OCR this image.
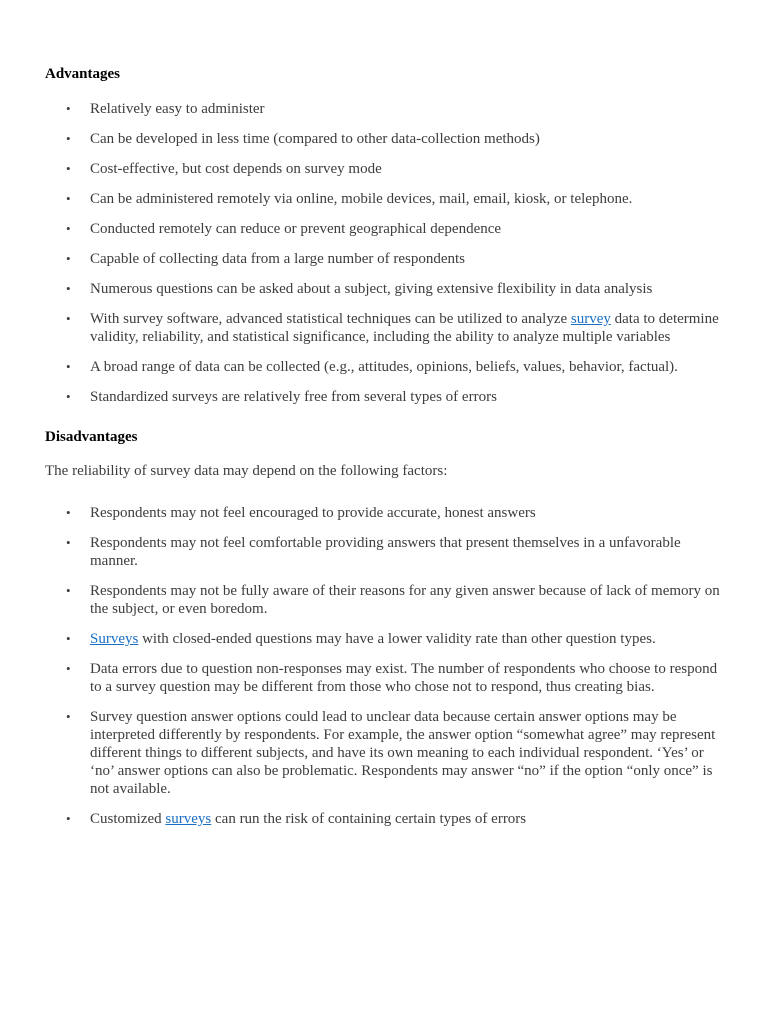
Advantages
• Relatively easy to administer
• Can be developed in less time (compared to other data-collection methods)
• Cost-effective, but cost depends on survey mode
• Can be administered remotely via online, mobile devices, mail, email, kiosk, or telephone.
• Conducted remotely can reduce or prevent geographical dependence
• Capable of collecting data from a large number of respondents
• Numerous questions can be asked about a subject, giving extensive flexibility in data analysis
• With survey software, advanced statistical techniques can be utilized to analyze survey data to determine validity, reliability, and statistical significance, including the ability to analyze multiple variables
• A broad range of data can be collected (e.g., attitudes, opinions, beliefs, values, behavior, factual).
• Standardized surveys are relatively free from several types of errors
Disadvantages

The reliability of survey data may depend on the following factors:

• Respondents may not feel encouraged to provide accurate, honest answers
• Respondents may not feel comfortable providing answers that present themselves in a unfavorable manner.
• Respondents may not be fully aware of their reasons for any given answer because of lack of memory on the subject, or even boredom.
• Surveys with closed-ended questions may have a lower validity rate than other question types.
• Data errors due to question non-responses may exist. The number of respondents who choose to respond to a survey question may be different from those who chose not to respond, thus creating bias.
• Survey question answer options could lead to unclear data because certain answer options may be interpreted differently by respondents. For example, the answer option “somewhat agree” may represent different things to different subjects, and have its own meaning to each individual respondent. ‘Yes’ or ‘no’ answer options can also be problematic. Respondents may answer “no” if the option “only once” is not available.
• Customized surveys can run the risk of containing certain types of errors
